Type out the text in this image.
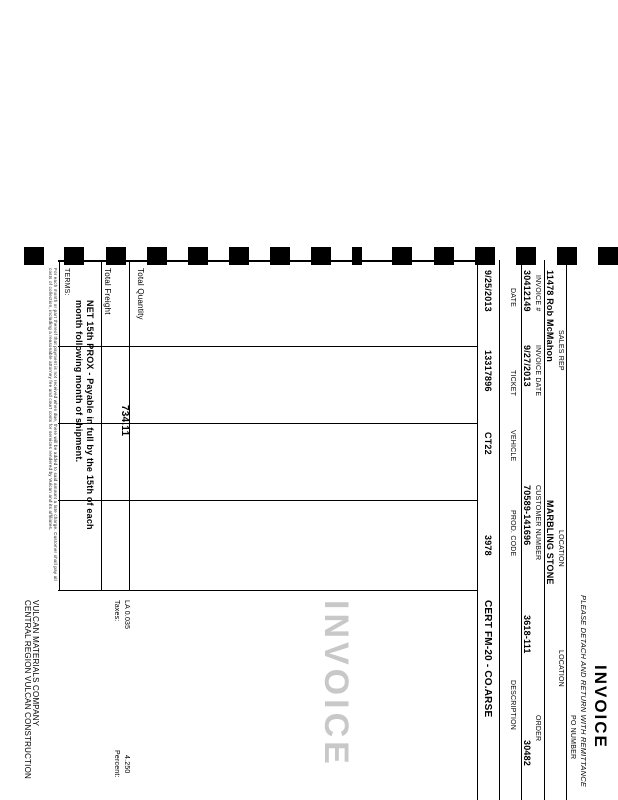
INVOICE
PLEASE DETACH AND RETURN WITH REMITTANCE
PO NUMBER
SALES REP
11478 Rob McMahon
LOCATION
MARBLING STONE
LOCATION
INVOICE #
30412149
INVOICE DATE
9/27/2013
CUSTOMER NUMBER
70589-141696
3618-111
ORDER
30482
DATE
TICKET
VEHICLE
PROD. CODE
DESCRIPTION
9/25/2013
13317896
CT22
3978
CERT FM-20 - CO.ARSE
INVOICE
Total Quantity
734.11
Total Freight
Taxes: LA 0.035
Percent: 4.250
TERMS:
NET 15th PROX - Payable in full by the 15th of each month following month of shipment.
For each month or part thereof that payment is not received when due, there will be added to said amount a late charge. Customer shall pay all costs of collection, including a reasonable attorney fee and court costs for services rendered by Vulcan and its affiliates.
VULCAN MATERIALS COMPANY
CENTRAL REGION VULCAN CONSTRUCTION
